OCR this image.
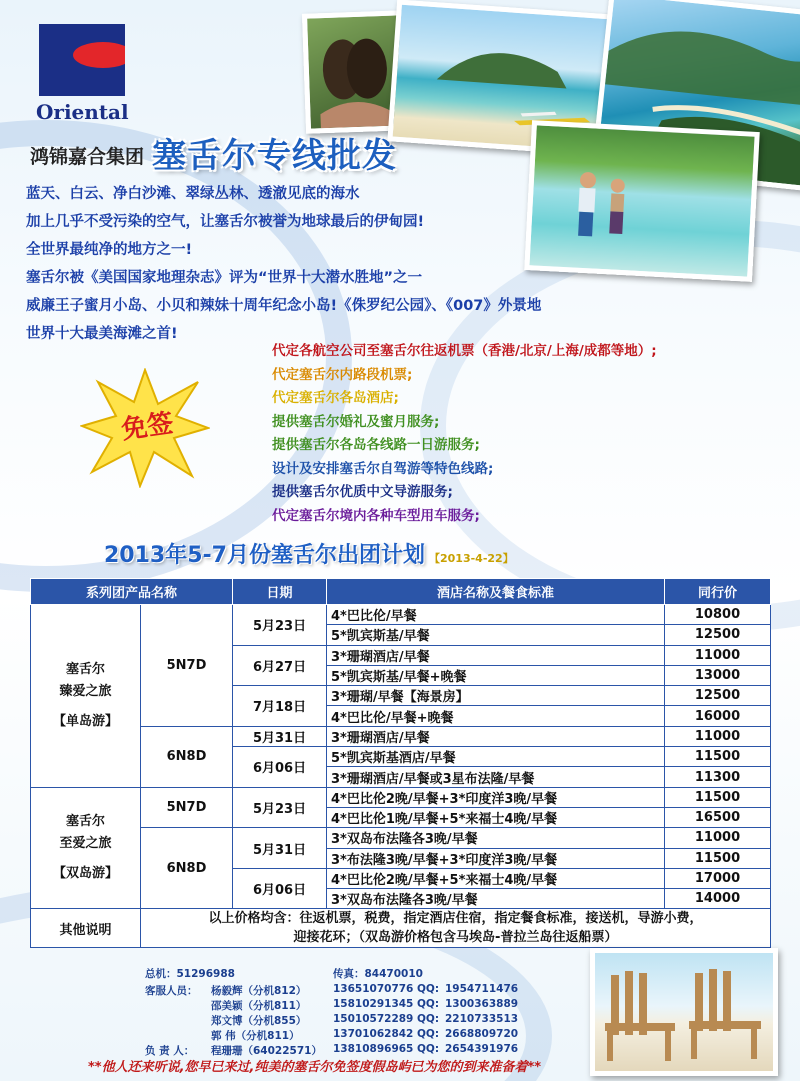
Oriental
鸿锦嘉合集团 塞舌尔专线批发
蓝天、白云、净白沙滩、翠绿丛林、透澈见底的海水
加上几乎不受污染的空气，让塞舌尔被誉为地球最后的伊甸园!
全世界最纯净的地方之一!
塞舌尔被《美国国家地理杂志》评为“世界十大潜水胜地”之一
威廉王子蜜月小岛、小贝和辣妹十周年纪念小岛!《侏罗纪公园》、《007》外景地
世界十大最美海滩之首!
免签
代定各航空公司至塞舌尔往返机票（香港/北京/上海/成都等地）;
代定塞舌尔内路段机票;
代定塞舌尔各岛酒店;
提供塞舌尔婚礼及蜜月服务;
提供塞舌尔各岛各线路一日游服务;
设计及安排塞舌尔自驾游等特色线路;
提供塞舌尔优质中文导游服务;
代定塞舌尔境内各种车型用车服务;
2013年5-7月份塞舌尔出团计划 【2013-4-22】
系列团产品名称		日期	酒店名称及餐食标准	同行价

塞舌尔
臻爱之旅
【单岛游】	5N7D	5月23日	4*巴比伦/早餐	10800
			5*凯宾斯基/早餐	12500
		6月27日	3*珊瑚酒店/早餐	11000
			5*凯宾斯基/早餐+晚餐	13000
		7月18日	3*珊瑚/早餐【海景房】	12500
			4*巴比伦/早餐+晚餐	16000
	6N8D	5月31日	3*珊瑚酒店/早餐	11000
		6月06日	5*凯宾斯基酒店/早餐	11500
			3*珊瑚酒店/早餐或3星布法隆/早餐	11300

塞舌尔
至爱之旅
【双岛游】	5N7D	5月23日	4*巴比伦2晚/早餐+3*印度洋3晚/早餐	11500
			4*巴比伦1晚/早餐+5*来福士4晚/早餐	16500
	6N8D	5月31日	3*双岛布法隆各3晚/早餐	11000
			3*布法隆3晚/早餐+3*印度洋3晚/早餐	11500
		6月06日	4*巴比伦2晚/早餐+5*来福士4晚/早餐	17000
			3*双岛布法隆各3晚/早餐	14000
其他说明	以上价格均含：往返机票，税费，指定酒店住宿，指定餐食标准，接送机，导游小费，
迎接花环；（双岛游价格包含马埃岛-普拉兰岛往返船票）			
总机：51296988	传真：84470010
客服人员： 杨毅辉（分机812）	13651070776 QQ: 1954711476
邵美颖（分机811）	15810291345 QQ: 1300363889
郑文博（分机855）	15010572289 QQ: 2210733513
郭 伟（分机811）	13701062842 QQ: 2668809720
负 责 人： 程珊珊（64022571） 13810896965 QQ: 2654391976
**他人还来听说,您早已来过,纯美的塞舌尔免签度假岛屿已为您的到来准备着**
